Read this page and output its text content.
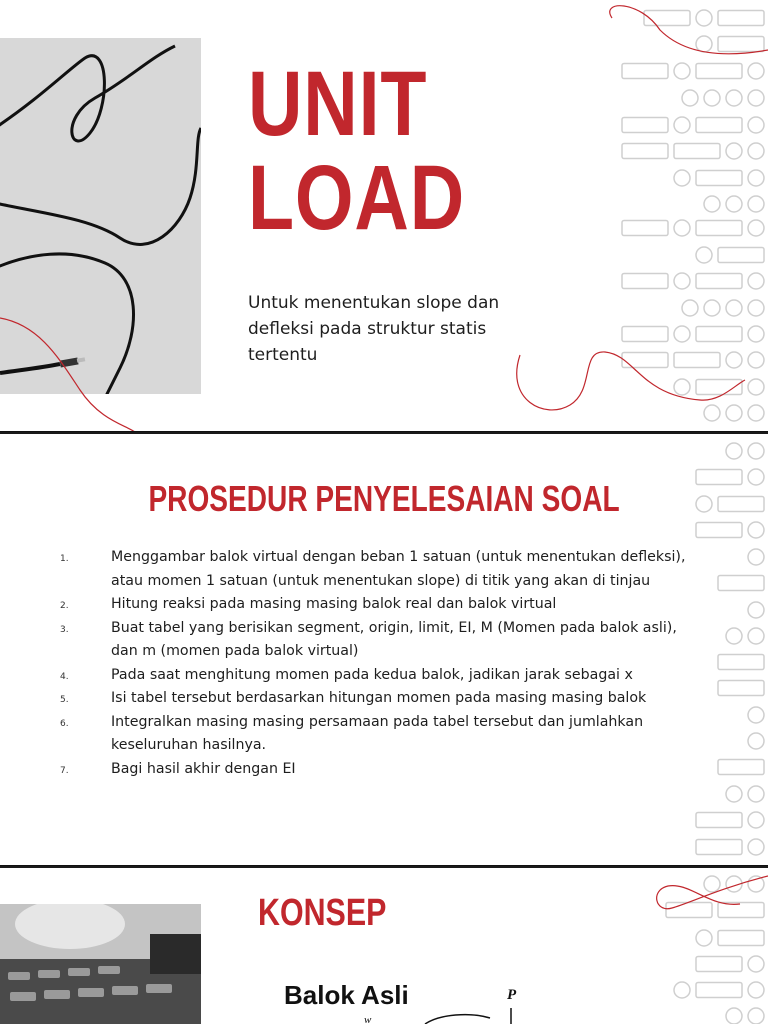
UNIT
LOAD
Untuk menentukan slope dan defleksi pada struktur statis tertentu
PROSEDUR PENYELESAIAN SOAL
1.	Menggambar balok virtual dengan beban 1 satuan (untuk menentukan defleksi), atau momen 1 satuan (untuk menentukan slope) di titik yang akan di tinjau
2.	Hitung reaksi pada masing masing balok real dan balok virtual
3.	Buat tabel yang berisikan segment, origin, limit, EI, M (Momen pada balok asli), dan m (momen pada balok virtual)
4.	Pada saat menghitung momen pada kedua balok, jadikan jarak sebagai x
5.	Isi tabel tersebut berdasarkan hitungan momen pada masing masing balok
6.	Integralkan masing masing persamaan pada tabel tersebut dan jumlahkan keseluruhan hasilnya.
7.	Bagi hasil akhir dengan EI
KONSEP
Balok Asli	P
w
